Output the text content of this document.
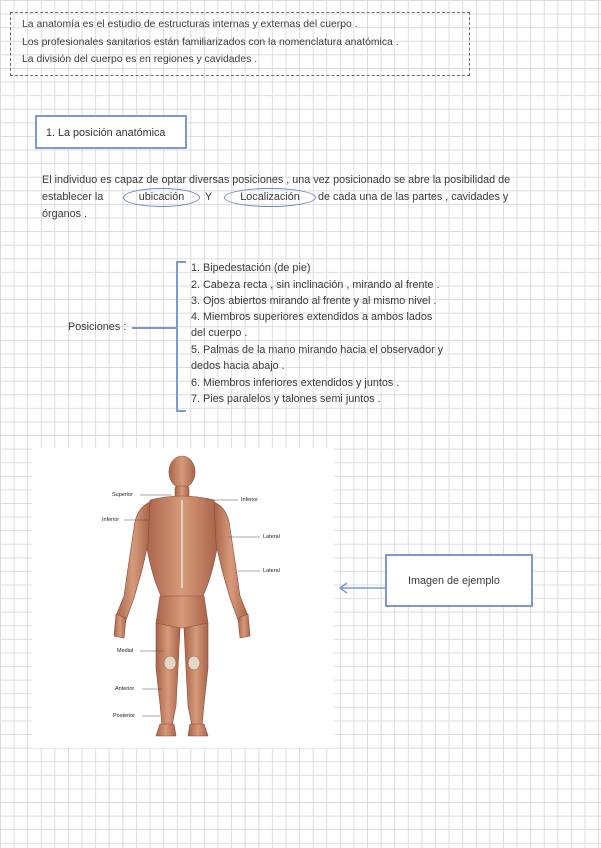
La anatomía es el estudio de estructuras internas y externas del cuerpo .
Los profesionales sanitarios están familiarizados con la nomenclatura anatómica .
La división del cuerpo es en regiones y cavidades .
1. La posición anatómica
El individuo es capaz de optar diversas posiciones , una vez posicionado se abre la posibilidad de
establecer la	ubicación	Y	Localización	de cada una de las partes , cavidades y
órganos .
Posiciones :
1. Bipedestación (de pie)
2. Cabeza recta , sin inclinación , mirando al frente .
3. Ojos abiertos mirando al frente y al mismo nivel .
4. Miembros superiores extendidos a ambos lados
del cuerpo .
5. Palmas de la mano mirando hacia el observador y
dedos hacia abajo .
6. Miembros inferiores extendidos y juntos .
7. Pies paralelos y talones semi juntos .
Superior
Inferior
Inferior
Lateral
Lateral
Medial
Anterior
Posterior
Imagen de ejemplo
